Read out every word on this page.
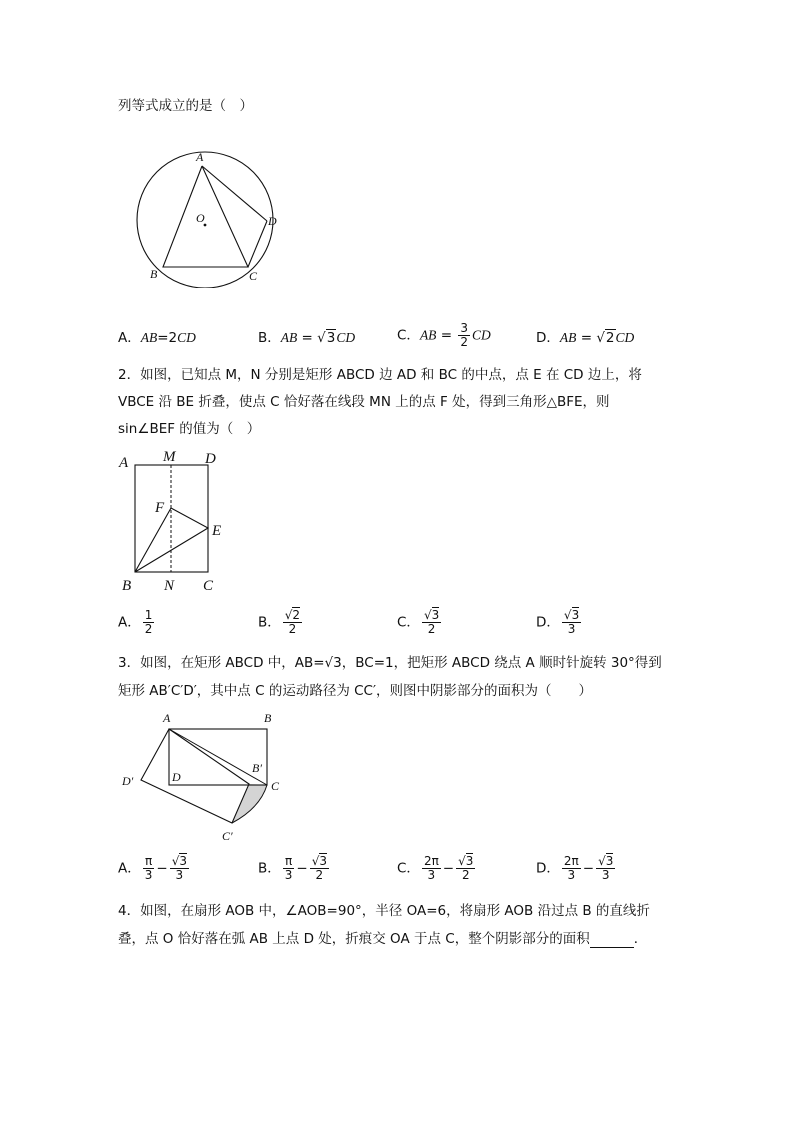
列等式成立的是（　）
A
O	D
B	C
A．AB=2CD	B．AB = √3CD	C．AB = $\frac{3}{2}$ CD	D．AB = √2CD
2．如图，已知点 M，N 分别是矩形 ABCD 边 AD 和 BC 的中点，点 E 在 CD 边上，将
VBCE 沿 BE 折叠，使点 C 恰好落在线段 MN 上的点 F 处，得到三角形△BFE，则
sin∠BEF 的值为（　）
A M D
F
E
B N C
A． $\frac{1}{2}$	B． $\frac{√2}{2}$	C． $\frac{√3}{2}$	D． $\frac{√3}{3}$
3．如图，在矩形 ABCD 中，AB=√3，BC=1，把矩形 ABCD 绕点 A 顺时针旋转 30°得到
矩形 AB′C′D′，其中点 C 的运动路径为 CC′，则图中阴影部分的面积为（　　）
A	B
D
B′
C
D′
C′
A． $\frac{\pi}{3} - \frac{√3}{3}$	B． $\frac{\pi}{3} - \frac{√3}{2}$	C． $\frac{2\pi}{3} - \frac{√3}{2}$	D． $\frac{2\pi}{3} - \frac{√3}{3}$
4．如图，在扇形 AOB 中，∠AOB=90°，半径 OA=6，将扇形 AOB 沿过点 B 的直线折
叠，点 O 恰好落在弧 AB 上点 D 处，折痕交 OA 于点 C，整个阴影部分的面积	．
